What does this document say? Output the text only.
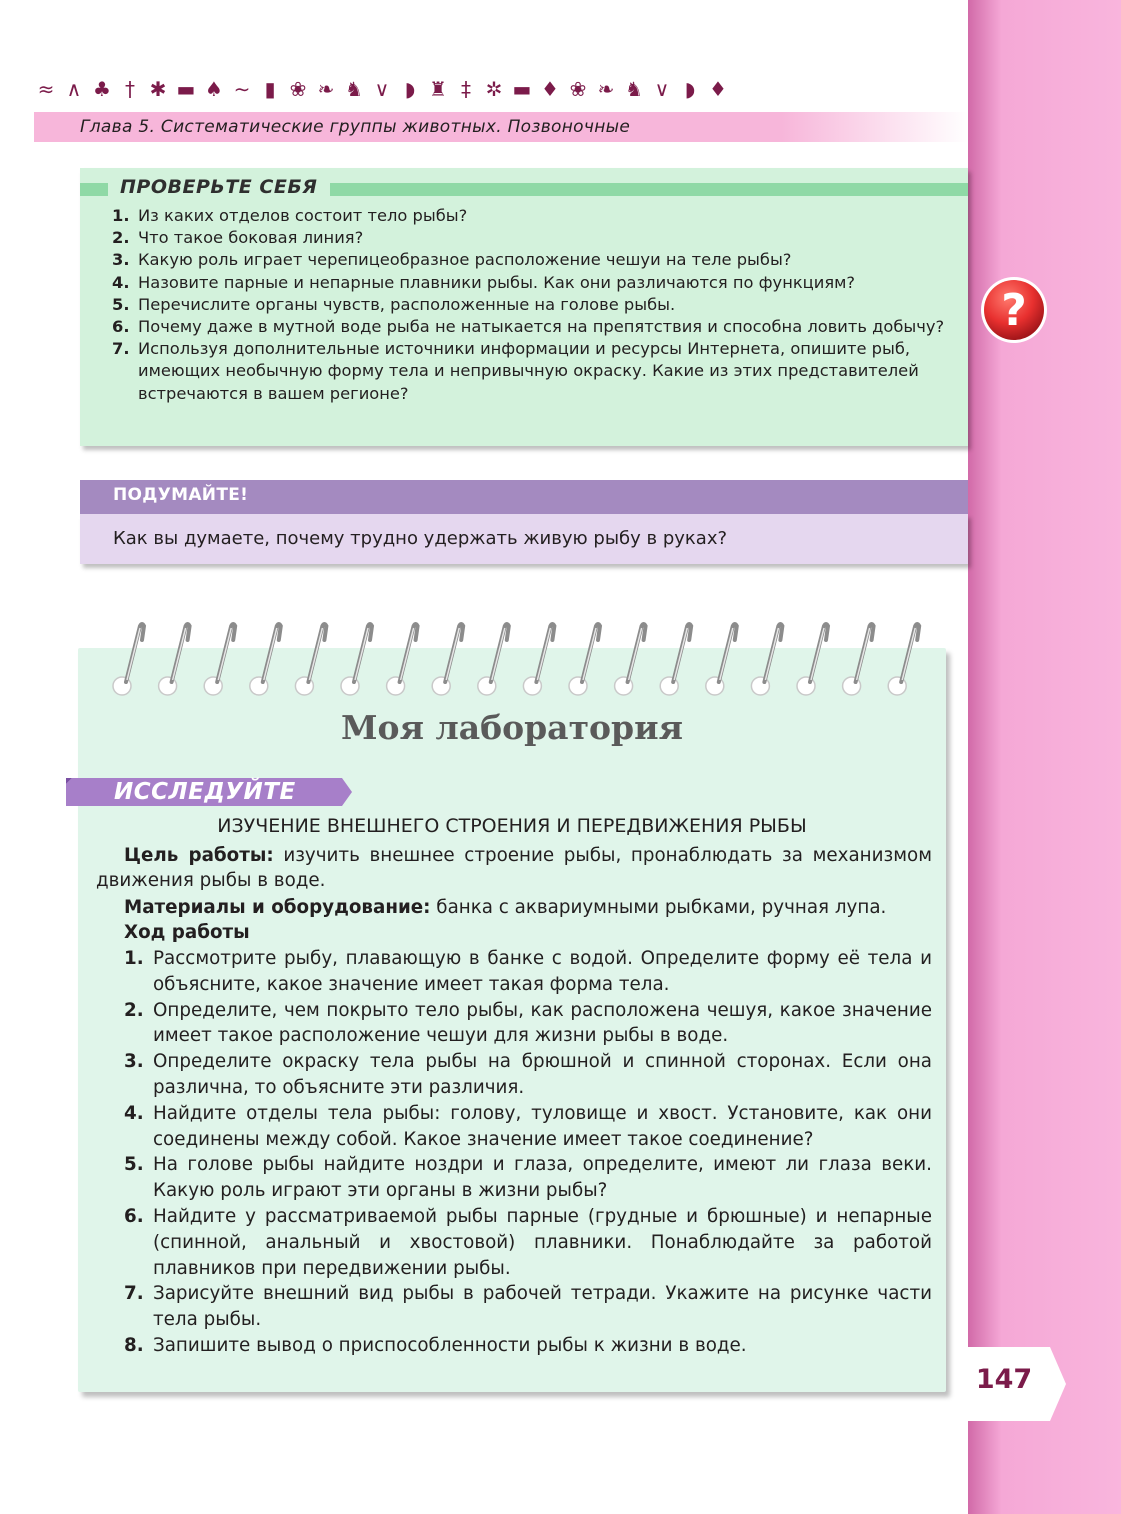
≈ ∧ ♣ † ✱ ▬ ♠ ∼ ▮ ❀ ❧ ♞ ∨ ◗ ♜ ‡ ✲ ▬ ♦ ❀ ❧ ♞ ∨ ◗ ♦
Глава 5. Систематические группы животных. Позвоночные
ПРОВЕРЬТЕ СЕБЯ
1. Из каких отделов состоит тело рыбы?
2. Что такое боковая линия?
3. Какую роль играет черепицеобразное расположение чешуи на теле рыбы?
4. Назовите парные и непарные плавники рыбы. Как они различаются по функциям?
5. Перечислите органы чувств, расположенные на голове рыбы.
6. Почему даже в мутной воде рыба не натыкается на препятствия и способна ловить добычу?
7. Используя дополнительные источники информации и ресурсы Интернета, опишите рыб, имеющих необычную форму тела и непривычную окраску. Какие из этих представителей встречаются в вашем регионе?
?
ПОДУМАЙТЕ!
Как вы думаете, почему трудно удержать живую рыбу в руках?
Моя лаборатория
ИССЛЕДУЙТЕ
ИЗУЧЕНИЕ ВНЕШНЕГО СТРОЕНИЯ И ПЕРЕДВИЖЕНИЯ РЫБЫ
Цель работы: изучить внешнее строение рыбы, пронаблюдать за механизмом движения рыбы в воде.
Материалы и оборудование: банка с аквариумными рыбками, ручная лупа.
Ход работы
1. Рассмотрите рыбу, плавающую в банке с водой. Определите форму её тела и объясните, какое значение имеет такая форма тела.
2. Определите, чем покрыто тело рыбы, как расположена чешуя, какое значение имеет такое расположение чешуи для жизни рыбы в воде.
3. Определите окраску тела рыбы на брюшной и спинной сторонах. Если она различна, то объясните эти различия.
4. Найдите отделы тела рыбы: голову, туловище и хвост. Установите, как они соединены между собой. Какое значение имеет такое соединение?
5. На голове рыбы найдите ноздри и глаза, определите, имеют ли глаза веки. Какую роль играют эти органы в жизни рыбы?
6. Найдите у рассматриваемой рыбы парные (грудные и брюшные) и непарные (спинной, анальный и хвостовой) плавники. Понаблюдайте за работой плавников при передвижении рыбы.
7. Зарисуйте внешний вид рыбы в рабочей тетради. Укажите на рисунке части тела рыбы.
8. Запишите вывод о приспособленности рыбы к жизни в воде.
147
